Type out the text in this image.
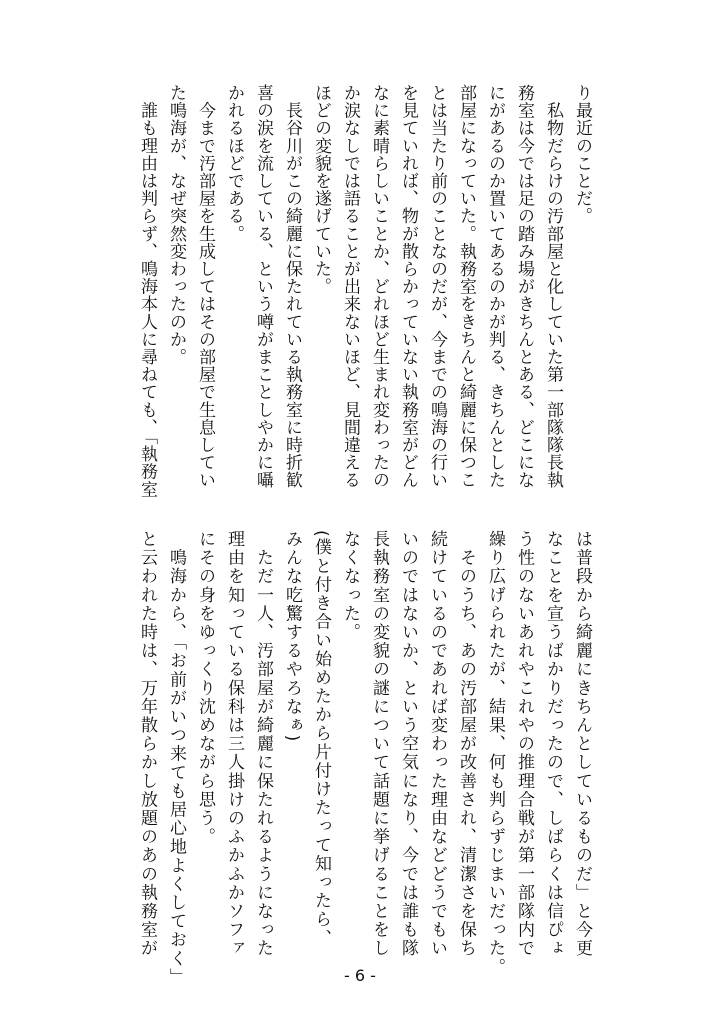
り最近のことだ。
　私物だらけの汚部屋と化していた第一部隊隊長執
務室は今では足の踏み場がきちんとある、どこにな
にがあるのか置いてあるのかが判る、きちんとした
部屋になっていた。執務室をきちんと綺麗に保つこ
とは当たり前のことなのだが、今までの鳴海の行い
を見ていれば、物が散らかっていない執務室がどん
なに素晴らしいことか、どれほど生まれ変わったの
か涙なしでは語ることが出来ないほど、見間違える
ほどの変貌を遂げていた。
　長谷川がこの綺麗に保たれている執務室に時折歓
喜の涙を流している、という噂がまことしやかに囁
かれるほどである。
　今まで汚部屋を生成してはその部屋で生息してい
た鳴海が、なぜ突然変わったのか。
　誰も理由は判らず、鳴海本人に尋ねても、「執務室
は普段から綺麗にきちんとしているものだ」と今更
なことを宣うばかりだったので、しばらくは信ぴょ
う性のないあれやこれやの推理合戦が第一部隊内で
繰り広げられたが、結果、何も判らずじまいだった。
　そのうち、あの汚部屋が改善され、清潔さを保ち
続けているのであれば変わった理由などどうでもい
いのではないか、という空気になり、今では誰も隊
長執務室の変貌の謎について話題に挙げることをし
なくなった。
(僕と付き合い始めたから片付けたって知ったら、
みんな吃驚するやろなぁ)
　ただ一人、汚部屋が綺麗に保たれるようになった
理由を知っている保科は三人掛けのふかふかソファ
にその身をゆっくり沈めながら思う。
　鳴海から、「お前がいつ来ても居心地よくしておく」
と云われた時は、万年散らかし放題のあの執務室が
- 6 -
